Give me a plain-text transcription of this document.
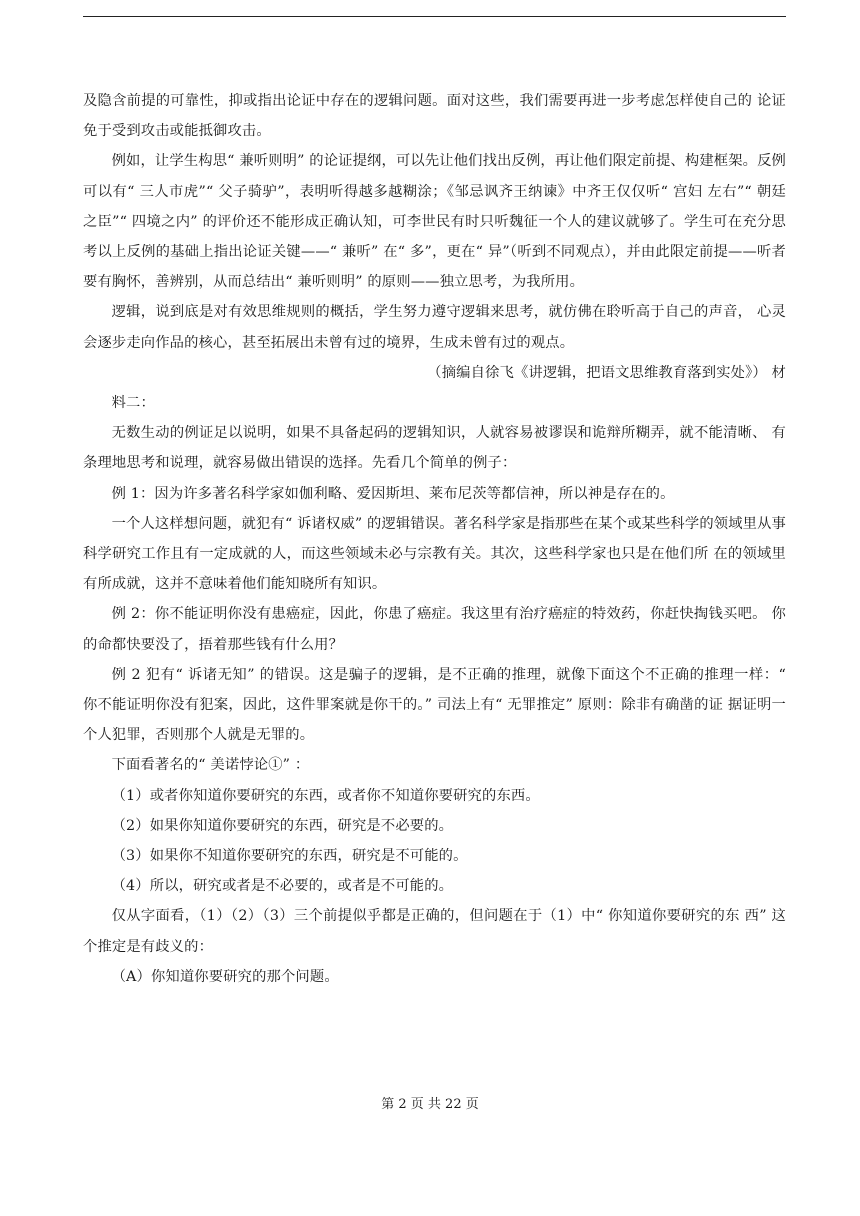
及隐含前提的可靠性，抑或指出论证中存在的逻辑问题。面对这些，我们需要再进一步考虑怎样使自己的 论证免于受到攻击或能抵御攻击。

例如，让学生构思“ 兼听则明” 的论证提纲，可以先让他们找出反例，再让他们限定前提、构建框架。反例可以有“ 三人市虎”“ 父子骑驴”，表明听得越多越糊涂；《邹忌讽齐王纳谏》中齐王仅仅听“ 宫妇 左右”“ 朝廷之臣”“ 四境之内” 的评价还不能形成正确认知，可李世民有时只听魏征一个人的建议就够了。学生可在充分思考以上反例的基础上指出论证关键——“ 兼听” 在“ 多”，更在“ 异”（听到不同观点），并由此限定前提——听者要有胸怀，善辨别，从而总结出“ 兼听则明” 的原则——独立思考，为我所用。

逻辑，说到底是对有效思维规则的概括，学生努力遵守逻辑来思考，就仿佛在聆听高于自己的声音， 心灵会逐步走向作品的核心，甚至拓展出未曾有过的境界，生成未曾有过的观点。

（摘编自徐飞《讲逻辑，把语文思维教育落到实处》） 材

料二：

无数生动的例证足以说明，如果不具备起码的逻辑知识，人就容易被谬误和诡辩所糊弄，就不能清晰、 有条理地思考和说理，就容易做出错误的选择。先看几个简单的例子：

例 1：因为许多著名科学家如伽利略、爱因斯坦、莱布尼茨等都信神，所以神是存在的。

一个人这样想问题，就犯有“ 诉诸权威” 的逻辑错误。著名科学家是指那些在某个或某些科学的领域里从事科学研究工作且有一定成就的人，而这些领域未必与宗教有关。其次，这些科学家也只是在他们所 在的领域里有所成就，这并不意味着他们能知晓所有知识。

例 2：你不能证明你没有患癌症，因此，你患了癌症。我这里有治疗癌症的特效药，你赶快掏钱买吧。 你的命都快要没了，捂着那些钱有什么用？

例 2 犯有“ 诉诸无知” 的错误。这是骗子的逻辑，是不正确的推理，就像下面这个不正确的推理一样：“ 你不能证明你没有犯案，因此，这件罪案就是你干的。” 司法上有“ 无罪推定” 原则：除非有确凿的证 据证明一个人犯罪，否则那个人就是无罪的。

下面看著名的“ 美诺悖论①” ：

（1）或者你知道你要研究的东西，或者你不知道你要研究的东西。

（2）如果你知道你要研究的东西，研究是不必要的。

（3）如果你不知道你要研究的东西，研究是不可能的。

（4）所以，研究或者是不必要的，或者是不可能的。

仅从字面看，（1）（2）（3）三个前提似乎都是正确的，但问题在于（1）中“ 你知道你要研究的东 西” 这个推定是有歧义的：

（A）你知道你要研究的那个问题。

第 2 页 共 22 页
